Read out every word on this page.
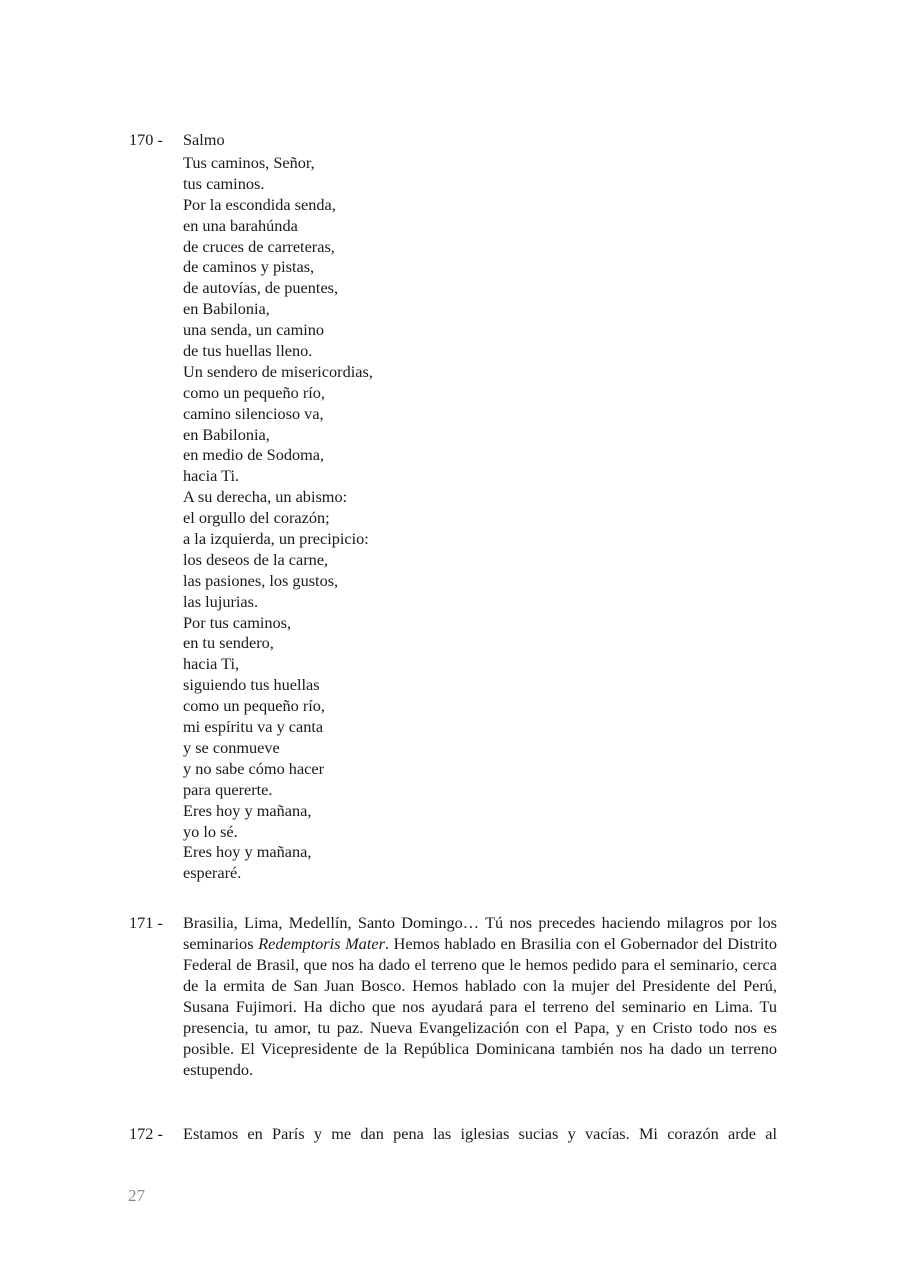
170 -	Salmo
Tus caminos, Señor,
tus caminos.
Por la escondida senda,
en una barahúnda
de cruces de carreteras,
de caminos y pistas,
de autovías, de puentes,
en Babilonia,
una senda, un camino
de tus huellas lleno.
Un sendero de misericordias,
como un pequeño río,
camino silencioso va,
en Babilonia,
en medio de Sodoma,
hacia Ti.
A su derecha, un abismo:
el orgullo del corazón;
a la izquierda, un precipicio:
los deseos de la carne,
las pasiones, los gustos,
las lujurias.
Por tus caminos,
en tu sendero,
hacia Ti,
siguiendo tus huellas
como un pequeño río,
mi espíritu va y canta
y se conmueve
y no sabe cómo hacer
para quererte.
Eres hoy y mañana,
yo lo sé.
Eres hoy y mañana,
esperaré.
171 -	Brasilia, Lima, Medellín, Santo Domingo… Tú nos precedes haciendo milagros por los seminarios Redemptoris Mater. Hemos hablado en Brasilia con el Gobernador del Distrito Federal de Brasil, que nos ha dado el terreno que le hemos pedido para el seminario, cerca de la ermita de San Juan Bosco. Hemos hablado con la mujer del Presidente del Perú, Susana Fujimori. Ha dicho que nos ayudará para el terreno del seminario en Lima. Tu presencia, tu amor, tu paz. Nueva Evangelización con el Papa, y en Cristo todo nos es posible. El Vicepresidente de la República Dominicana también nos ha dado un terreno estupendo.

172 -	Estamos en París y me dan pena las iglesias sucias y vacías. Mi corazón arde al

27
